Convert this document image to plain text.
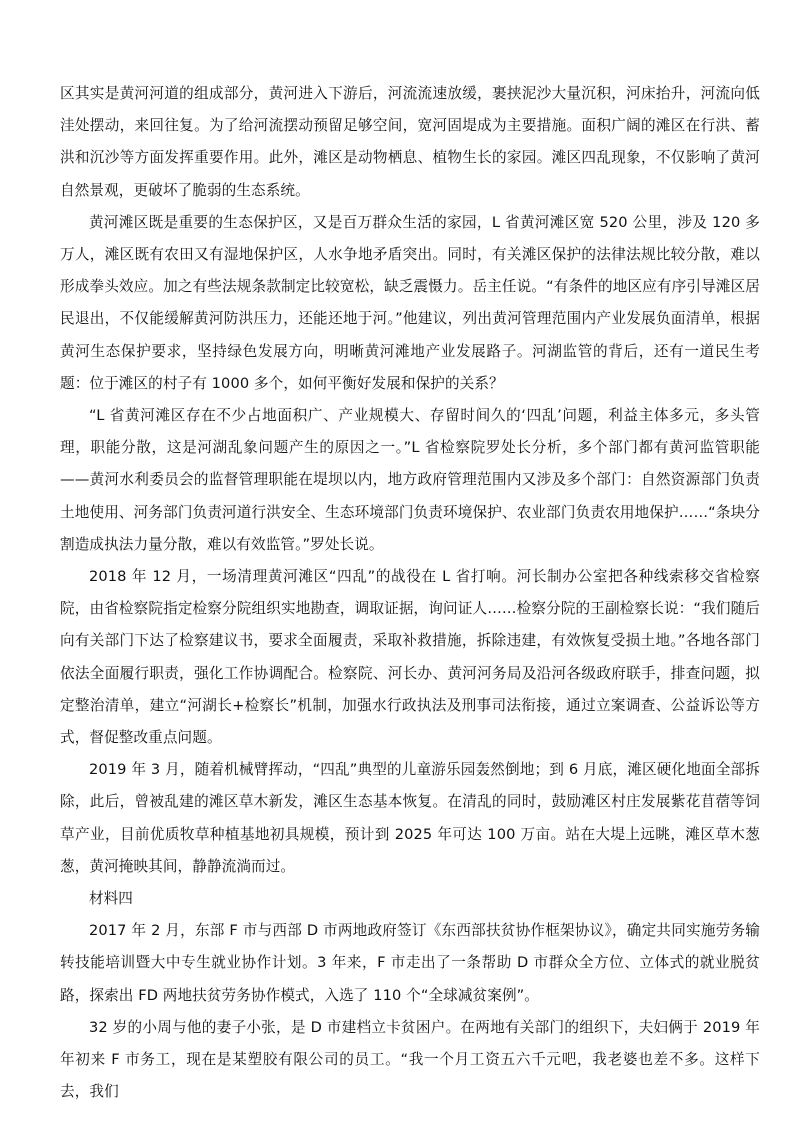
区其实是黄河河道的组成部分，黄河进入下游后，河流流速放缓，裹挟泥沙大量沉积，河床抬升，河流向低洼处摆动，来回往复。为了给河流摆动预留足够空间，宽河固堤成为主要措施。面积广阔的滩区在行洪、蓄洪和沉沙等方面发挥重要作用。此外，滩区是动物栖息、植物生长的家园。滩区四乱现象，不仅影响了黄河自然景观，更破坏了脆弱的生态系统。

黄河滩区既是重要的生态保护区，又是百万群众生活的家园，L 省黄河滩区宽 520 公里，涉及 120 多万人，滩区既有农田又有湿地保护区，人水争地矛盾突出。同时，有关滩区保护的法律法规比较分散，难以形成拳头效应。加之有些法规条款制定比较宽松，缺乏震慑力。岳主任说。“有条件的地区应有序引导滩区居民退出，不仅能缓解黄河防洪压力，还能还地于河。”他建议，列出黄河管理范围内产业发展负面清单，根据黄河生态保护要求，坚持绿色发展方向，明晰黄河滩地产业发展路子。河湖监管的背后，还有一道民生考题：位于滩区的村子有 1000 多个，如何平衡好发展和保护的关系？

“L 省黄河滩区存在不少占地面积广、产业规模大、存留时间久的‘四乱’问题，利益主体多元，多头管理，职能分散，这是河湖乱象问题产生的原因之一。”L 省检察院罗处长分析，多个部门都有黄河监管职能——黄河水利委员会的监督管理职能在堤坝以内，地方政府管理范围内又涉及多个部门：自然资源部门负责土地使用、河务部门负责河道行洪安全、生态环境部门负责环境保护、农业部门负责农用地保护……“条块分割造成执法力量分散，难以有效监管。”罗处长说。

2018 年 12 月，一场清理黄河滩区“四乱”的战役在 L 省打响。河长制办公室把各种线索移交省检察院，由省检察院指定检察分院组织实地勘查，调取证据，询问证人……检察分院的王副检察长说：“我们随后向有关部门下达了检察建议书，要求全面履责，采取补救措施，拆除违建，有效恢复受损土地。”各地各部门依法全面履行职责，强化工作协调配合。检察院、河长办、黄河河务局及沿河各级政府联手，排查问题，拟定整治清单，建立“河湖长+检察长”机制，加强水行政执法及刑事司法衔接，通过立案调查、公益诉讼等方式，督促整改重点问题。

2019 年 3 月，随着机械臂挥动，“四乱”典型的儿童游乐园轰然倒地；到 6 月底，滩区硬化地面全部拆除，此后，曾被乱建的滩区草木新发，滩区生态基本恢复。在清乱的同时，鼓励滩区村庄发展紫花苜蓿等饲草产业，目前优质牧草种植基地初具规模，预计到 2025 年可达 100 万亩。站在大堤上远眺，滩区草木葱葱，黄河掩映其间，静静流淌而过。

材料四

2017 年 2 月，东部 F 市与西部 D 市两地政府签订《东西部扶贫协作框架协议》，确定共同实施劳务输转技能培训暨大中专生就业协作计划。3 年来，F 市走出了一条帮助 D 市群众全方位、立体式的就业脱贫路，探索出 FD 两地扶贫劳务协作模式，入选了 110 个“全球减贫案例”。

32 岁的小周与他的妻子小张，是 D 市建档立卡贫困户。在两地有关部门的组织下，夫妇俩于 2019 年年初来 F 市务工，现在是某塑胶有限公司的员工。“我一个月工资五六千元吧，我老婆也差不多。这样下去，我们
